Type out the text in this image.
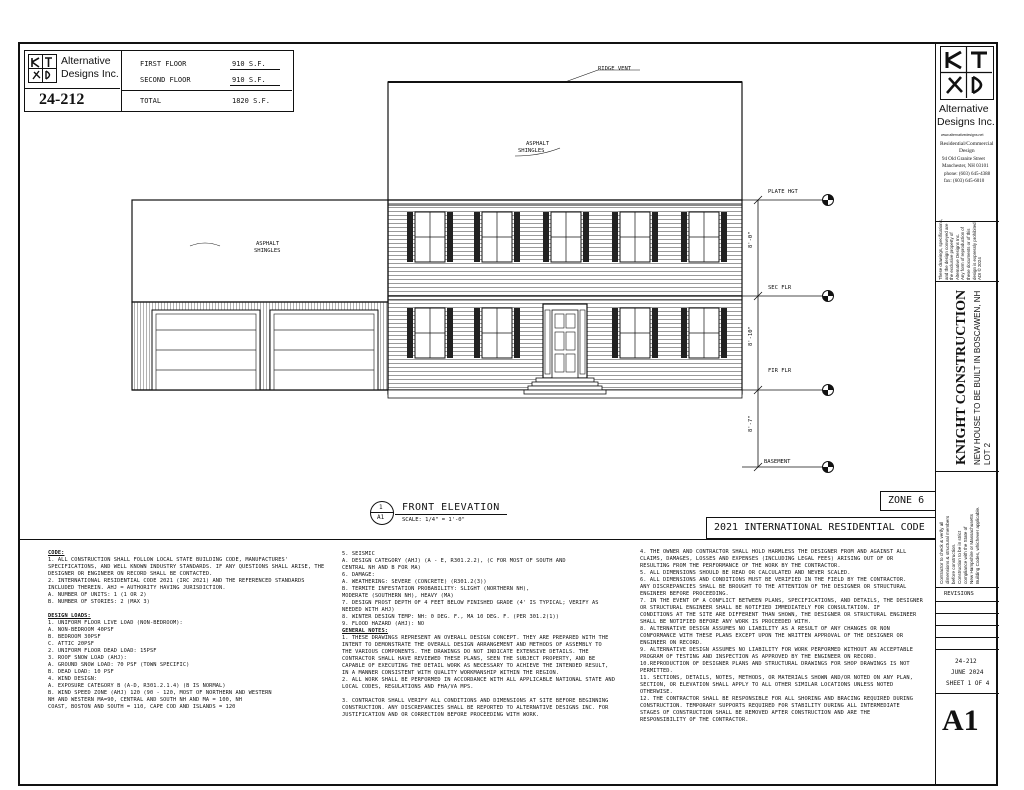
Alternative
Designs Inc.
24-212
FIRST FLOOR	910 S.F.
SECOND FLOOR	910 S.F.
TOTAL	1820 S.F.
RIDGE VENT
ASPHALT
SHINGLES
ASPHALT
SHINGLES
PLATE HGT
SEC FLR
FIR FLR
BASEMENT
8'-0"
8'-10"
8'-7"
1
A1
FRONT ELEVATION
SCALE: 1/4" = 1'-0"
ZONE 6
2021 INTERNATIONAL RESIDENTIAL CODE
CODE:
1. ALL CONSTRUCTION SHALL FOLLOW LOCAL STATE BUILDING CODE, MANUFACTURES'
SPECIFICATIONS, AND WELL KNOWN INDUSTRY STANDARDS. IF ANY QUESTIONS SHALL ARISE, THE
DESIGNER OR ENGINEER ON RECORD SHALL BE CONTACTED.
2. INTERNATIONAL RESIDENTIAL CODE 2021 (IRC 2021) AND THE REFERENCED STANDARDS
INCLUDED THEREIN. AHJ = AUTHORITY HAVING JURISDICTION.
A. NUMBER OF UNITS: 1 (1 OR 2)
B. NUMBER OF STORIES: 2 (MAX 3)

DESIGN LOADS:
1. UNIFORM FLOOR LIVE LOAD (NON-BEDROOM):
A. NON-BEDROOM 40PSF
B. BEDROOM 30PSF
C. ATTIC 20PSF
2. UNIFORM FLOOR DEAD LOAD: 15PSF
3. ROOF SNOW LOAD (AHJ):
A. GROUND SNOW LOAD: 70 PSF (TOWN SPECIFIC)
B. DEAD LOAD: 10 PSF
4. WIND DESIGN:
A. EXPOSURE CATEGORY B (A-D, R301.2.1.4) (B IS NORMAL)
B. WIND SPEED ZONE (AHJ) 120 (90 - 120, MOST OF NORTHERN AND WESTERN
NH AND WESTERN MA=90, CENTRAL AND SOUTH NH AND MA = 100, NH
COAST, BOSTON AND SOUTH = 110, CAPE COD AND ISLANDS = 120
5. SEISMIC
A. DESIGN CATEGORY (AHJ) (A - E, R301.2.2), (C FOR MOST OF SOUTH AND
CENTRAL NH AND B FOR MA)
6. DAMAGE:
A. WEATHERING: SEVERE (CONCRETE) (R301.2(3))
B. TERMITE INFESTATION PROBABILITY: SLIGHT (NORTHERN NH),
MODERATE (SOUTHERN NH), HEAVY (MA)
7. DESIGN FROST DEPTH OF 4 FEET BELOW FINISHED GRADE (4' IS TYPICAL; VERIFY AS
NEEDED WITH AHJ)
8. WINTER DESIGN TEMP: NH: 0 DEG. F., MA 10 DEG. F. (PER 301.2(1))
9. FLOOD HAZARD (AHJ): NO
GENERAL NOTES:
1. THESE DRAWINGS REPRESENT AN OVERALL DESIGN CONCEPT. THEY ARE PREPARED WITH THE
INTENT TO DEMONSTRATE THE OVERALL DESIGN ARRANGEMENT AND METHODS OF ASSEMBLY TO
THE VARIOUS COMPONENTS. THE DRAWINGS DO NOT INDICATE EXTENSIVE DETAILS. THE
CONTRACTOR SHALL HAVE REVIEWED THESE PLANS, SEEN THE SUBJECT PROPERTY, AND BE
CAPABLE OF EXECUTING THE DETAIL WORK AS NECESSARY TO ACHIEVE THE INTENDED RESULT,
IN A MANNER CONSISTENT WITH QUALITY WORKMANSHIP WITHIN THE REGION.
2. ALL WORK SHALL BE PERFORMED IN ACCORDANCE WITH ALL APPLICABLE NATIONAL STATE AND
LOCAL CODES, REGULATIONS AND FHA/VA MPS.

3. CONTRACTOR SHALL VERIFY ALL CONDITIONS AND DIMENSIONS AT SITE BEFORE BEGINNING
CONSTRUCTION. ANY DISCREPANCIES SHALL BE REPORTED TO ALTERNATIVE DESIGNS INC. FOR
JUSTIFICATION AND OR CORRECTION BEFORE PROCEEDING WITH WORK.
4. THE OWNER AND CONTRACTOR SHALL HOLD HARMLESS THE DESIGNER FROM AND AGAINST ALL
CLAIMS, DAMAGES, LOSSES AND EXPENSES (INCLUDING LEGAL FEES) ARISING OUT OF OR
RESULTING FROM THE PERFORMANCE OF THE WORK BY THE CONTRACTOR.
5. ALL DIMENSIONS SHOULD BE READ OR CALCULATED AND NEVER SCALED.
6. ALL DIMENSIONS AND CONDITIONS MUST BE VERIFIED IN THE FIELD BY THE CONTRACTOR.
ANY DISCREPANCIES SHALL BE BROUGHT TO THE ATTENTION OF THE DESIGNER OR STRUCTURAL
ENGINEER BEFORE PROCEEDING.
7. IN THE EVENT OF A CONFLICT BETWEEN PLANS, SPECIFICATIONS, AND DETAILS, THE DESIGNER
OR STRUCTURAL ENGINEER SHALL BE NOTIFIED IMMEDIATELY FOR CONSULTATION. IF
CONDITIONS AT THE SITE ARE DIFFERENT THAN SHOWN, THE DESIGNER OR STRUCTURAL ENGINEER
SHALL BE NOTIFIED BEFORE ANY WORK IS PROCEEDED WITH.
8. ALTERNATIVE DESIGN ASSUMES NO LIABILITY AS A RESULT OF ANY CHANGES OR NON
CONFORMANCE WITH THESE PLANS EXCEPT UPON THE WRITTEN APPROVAL OF THE DESIGNER OR
ENGINEER ON RECORD.
9. ALTERNATIVE DESIGN ASSUMES NO LIABILITY FOR WORK PERFORMED WITHOUT AN ACCEPTABLE
PROGRAM OF TESTING AND INSPECTION AS APPROVED BY THE ENGINEER ON RECORD.
10.REPRODUCTION OF DESIGNER PLANS AND STRUCTURAL DRAWINGS FOR SHOP DRAWINGS IS NOT
PERMITTED.
11. SECTIONS, DETAILS, NOTES, METHODS, OR MATERIALS SHOWN AND/OR NOTED ON ANY PLAN,
SECTION, OR ELEVATION SHALL APPLY TO ALL OTHER SIMILAR LOCATIONS UNLESS NOTED
OTHERWISE.
12. THE CONTRACTOR SHALL BE RESPONSIBLE FOR ALL SHORING AND BRACING REQUIRED DURING
CONSTRUCTION. TEMPORARY SUPPORTS REQUIRED FOR STABILITY DURING ALL INTERMEDIATE
STAGES OF CONSTRUCTION SHALL BE REMOVED AFTER CONSTRUCTION AND ARE THE
RESPONSIBILITY OF THE CONTRACTOR.
Alternative
Designs Inc.
www.alternativedesigns.net
Residential/Commercial
Design
94 Old Granite Street
Manchester, NH 03101
phone: (603) 645-4388
fax: (603) 645-6010
These drawings, specifications, and the design conveyed are the exclusive property of Alternative Designs Inc. Any form of reproduction of these documents or of this design is expressly prohibited. ADI © 2024
KNIGHT CONSTRUCTION NEW HOUSE TO BE BUILT IN BOSCAWEN, NH LOT 2
Contractor to check & verify all dimensions & structural members before construction. Construction to be in strict compliance with the State of New Hampshire or Massachusetts Building Codes, whichever applicable.
REVISIONS
24-212
JUNE 2024
SHEET 1 OF 4
A1
